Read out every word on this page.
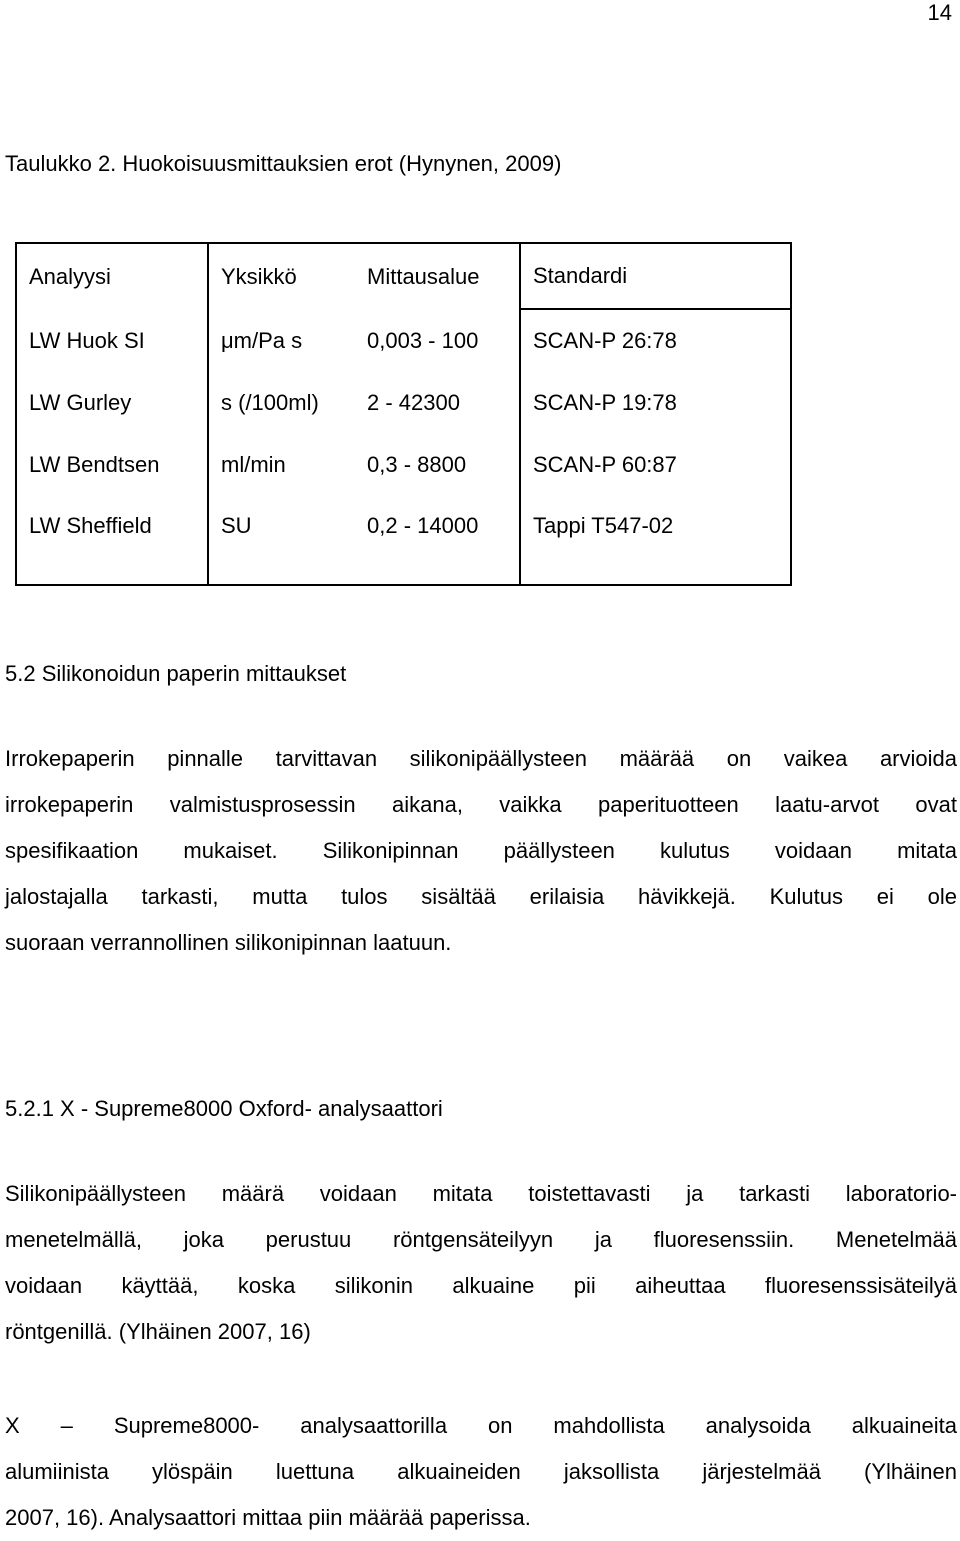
14
Taulukko 2. Huokoisuusmittauksien erot (Hynynen, 2009)
Analyysi	Yksikkö	Mittausalue	Standardi
LW Huok SI	μm/Pa s	0,003 - 100	SCAN-P 26:78
LW Gurley	s (/100ml)	2 - 42300	SCAN-P 19:78
LW Bendtsen	ml/min	0,3 - 8800	SCAN-P 60:87
LW Sheffield	SU	0,2 - 14000	Tappi T547-02
5.2 Silikonoidun paperin mittaukset
Irrokepaperin pinnalle tarvittavan silikonipäällysteen määrää on vaikea arvioida
irrokepaperin valmistusprosessin aikana, vaikka paperituotteen laatu-arvot ovat
spesifikaation mukaiset. Silikonipinnan päällysteen kulutus voidaan mitata
jalostajalla tarkasti, mutta tulos sisältää erilaisia hävikkejä. Kulutus ei ole
suoraan verrannollinen silikonipinnan laatuun.
5.2.1 X - Supreme8000 Oxford- analysaattori
Silikonipäällysteen määrä voidaan mitata toistettavasti ja tarkasti laboratorio-
menetelmällä, joka perustuu röntgensäteilyyn ja fluoresenssiin. Menetelmää
voidaan käyttää, koska silikonin alkuaine pii aiheuttaa fluoresenssisäteilyä
röntgenillä. (Ylhäinen 2007, 16)
X – Supreme8000- analysaattorilla on mahdollista analysoida alkuaineita
alumiinista ylöspäin luettuna alkuaineiden jaksollista järjestelmää (Ylhäinen
2007, 16). Analysaattori mittaa piin määrää paperissa.
